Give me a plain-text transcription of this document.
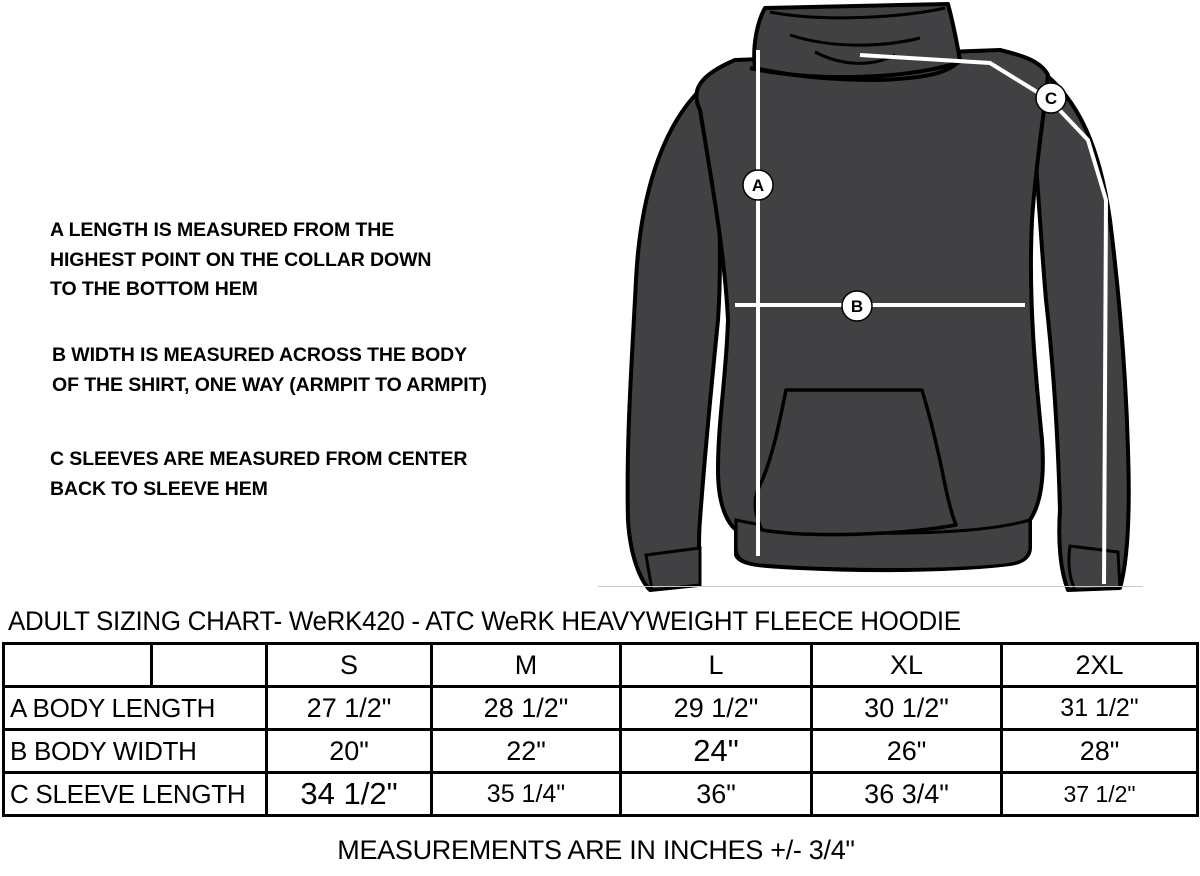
A LENGTH IS MEASURED FROM THE
HIGHEST POINT ON THE COLLAR DOWN
TO THE BOTTOM HEM
B WIDTH IS MEASURED ACROSS THE BODY
OF THE SHIRT, ONE WAY (ARMPIT TO ARMPIT)
C SLEEVES ARE MEASURED FROM CENTER
BACK TO SLEEVE HEM
A
B
C
ADULT SIZING CHART- WeRK420 - ATC WeRK HEAVYWEIGHT FLEECE HOODIE
		S	M	L	XL	2XL
A BODY LENGTH		27 1/2"	28 1/2"	29 1/2"	30 1/2"	31 1/2"
B BODY WIDTH		20"	22"	24"	26"	28"
C SLEEVE LENGTH		34 1/2"	35 1/4"	36"	36 3/4"	37 1/2"
MEASUREMENTS ARE IN INCHES +/- 3/4"
